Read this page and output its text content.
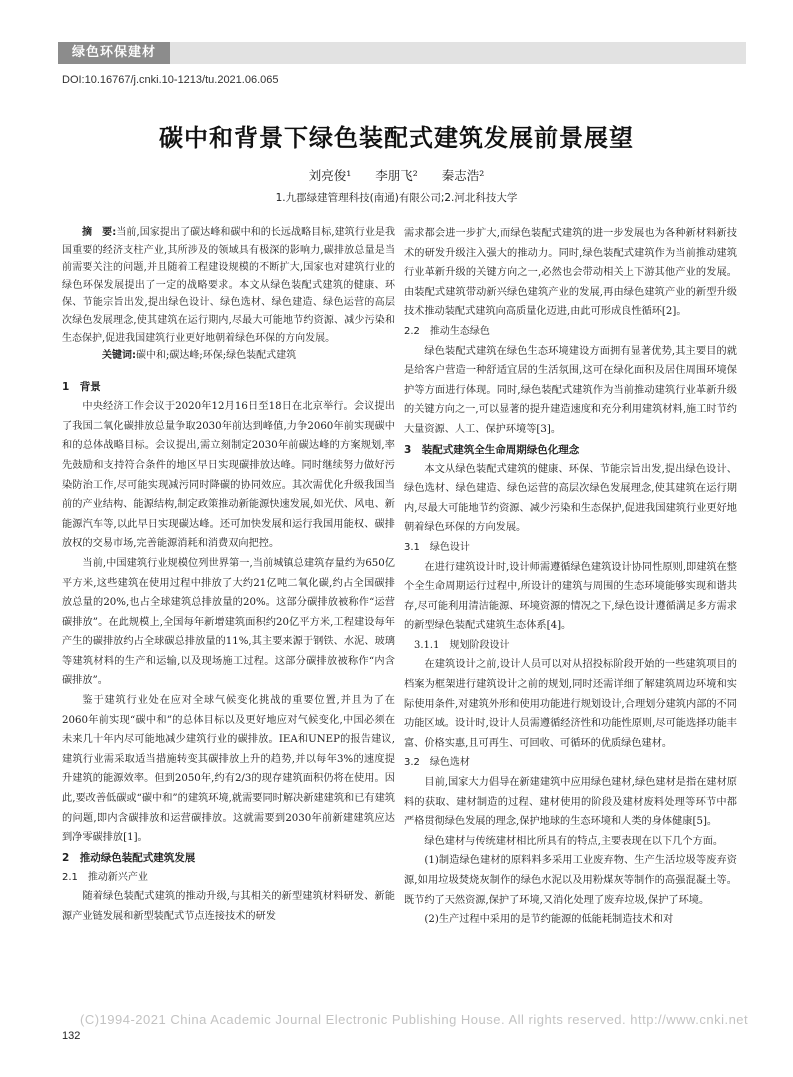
绿色环保建材
DOI:10.16767/j.cnki.10-1213/tu.2021.06.065
碳中和背景下绿色装配式建筑发展前景展望
刘亮俊¹ 李朋飞² 秦志浩²
1.九郡绿建管理科技(南通)有限公司;2.河北科技大学

摘　要:当前,国家提出了碳达峰和碳中和的长远战略目标,建筑行业是我国重要的经济支柱产业,其所涉及的领域具有极深的影响力,碳排放总量是当前需要关注的问题,并且随着工程建设规模的不断扩大,国家也对建筑行业的绿色环保发展提出了一定的战略要求。本文从绿色装配式建筑的健康、环保、节能宗旨出发,提出绿色设计、绿色选材、绿色建造、绿色运营的高层次绿色发展理念,使其建筑在运行期内,尽最大可能地节约资源、减少污染和生态保护,促进我国建筑行业更好地朝着绿色环保的方向发展。

关键词:碳中和;碳达峰;环保;绿色装配式建筑

1　背景

中央经济工作会议于2020年12月16日至18日在北京举行。会议提出了我国二氧化碳排放总量争取2030年前达到峰值,力争2060年前实现碳中和的总体战略目标。会议提出,需立刻制定2030年前碳达峰的方案规划,率先鼓励和支持符合条件的地区早日实现碳排放达峰。同时继续努力做好污染防治工作,尽可能实现减污同时降碳的协同效应。其次需优化升级我国当前的产业结构、能源结构,制定政策推动新能源快速发展,如光伏、风电、新能源汽车等,以此早日实现碳达峰。还可加快发展和运行我国用能权、碳排放权的交易市场,完善能源消耗和消费双向把控。

当前,中国建筑行业规模位列世界第一,当前城镇总建筑存量约为650亿平方米,这些建筑在使用过程中排放了大约21亿吨二氧化碳,约占全国碳排放总量的20%,也占全球建筑总排放量的20%。这部分碳排放被称作“运营碳排放”。在此规模上,全国每年新增建筑面积约20亿平方米,工程建设每年产生的碳排放约占全球碳总排放量的11%,其主要来源于钢铁、水泥、玻璃等建筑材料的生产和运输,以及现场施工过程。这部分碳排放被称作“内含碳排放”。

鉴于建筑行业处在应对全球气候变化挑战的重要位置,并且为了在2060年前实现“碳中和”的总体目标以及更好地应对气候变化,中国必须在未来几十年内尽可能地减少建筑行业的碳排放。IEA和UNEP的报告建议,建筑行业需采取适当措施转变其碳排放上升的趋势,并以每年3%的速度提升建筑的能源效率。但到2050年,约有2/3的现存建筑面积仍将在使用。因此,要改善低碳或“碳中和”的建筑环境,就需要同时解决新建建筑和已有建筑的问题,即内含碳排放和运营碳排放。这就需要到2030年前新建建筑应达到净零碳排放[1]。

2　推动绿色装配式建筑发展

2.1　推动新兴产业

随着绿色装配式建筑的推动升级,与其相关的新型建筑材料研发、新能源产业链发展和新型装配式节点连接技术的研发

需求都会进一步扩大,而绿色装配式建筑的进一步发展也为各种新材料新技术的研发升级注入强大的推动力。同时,绿色装配式建筑作为当前推动建筑行业革新升级的关键方向之一,必然也会带动相关上下游其他产业的发展。由装配式建筑带动新兴绿色建筑产业的发展,再由绿色建筑产业的新型升级技术推动装配式建筑向高质量化迈进,由此可形成良性循环[2]。

2.2　推动生态绿色

绿色装配式建筑在绿色生态环境建设方面拥有显著优势,其主要目的就是给客户营造一种舒适宜居的生活氛围,这可在绿化面积及居住周围环境保护等方面进行体现。同时,绿色装配式建筑作为当前推动建筑行业革新升级的关键方向之一,可以显著的提升建造速度和充分利用建筑材料,施工时节约大量资源、人工、保护环境等[3]。

3　装配式建筑全生命周期绿色化理念

本文从绿色装配式建筑的健康、环保、节能宗旨出发,提出绿色设计、绿色选材、绿色建造、绿色运营的高层次绿色发展理念,使其建筑在运行期内,尽最大可能地节约资源、减少污染和生态保护,促进我国建筑行业更好地朝着绿色环保的方向发展。

3.1　绿色设计

在进行建筑设计时,设计师需遵循绿色建筑设计协同性原则,即建筑在整个全生命周期运行过程中,所设计的建筑与周围的生态环境能够实现和谐共存,尽可能利用清洁能源、环境资源的情况之下,绿色设计遵循满足多方需求的新型绿色装配式建筑生态体系[4]。

3.1.1　规划阶段设计

在建筑设计之前,设计人员可以对从招投标阶段开始的一些建筑项目的档案为框架进行建筑设计之前的规划,同时还需详细了解建筑周边环境和实际使用条件,对建筑外形和使用功能进行规划设计,合理划分建筑内部的不同功能区域。设计时,设计人员需遵循经济性和功能性原则,尽可能选择功能丰富、价格实惠,且可再生、可回收、可循环的优质绿色建材。

3.2　绿色选材

目前,国家大力倡导在新建建筑中应用绿色建材,绿色建材是指在建材原料的获取、建材制造的过程、建材使用的阶段及建材废料处理等环节中都严格贯彻绿色发展的理念,保护地球的生态环境和人类的身体健康[5]。

绿色建材与传统建材相比所具有的特点,主要表现在以下几个方面。

(1)制造绿色建材的原料料多采用工业废弃物、生产生活垃圾等废弃资源,如用垃圾焚烧灰制作的绿色水泥以及用粉煤灰等制作的高强混凝土等。既节约了天然资源,保护了环境,又消化处理了废弃垃圾,保护了环境。

(2)生产过程中采用的是节约能源的低能耗制造技术和对

(C)1994-2021 China Academic Journal Electronic Publishing House. All rights reserved. http://www.cnki.net
132
